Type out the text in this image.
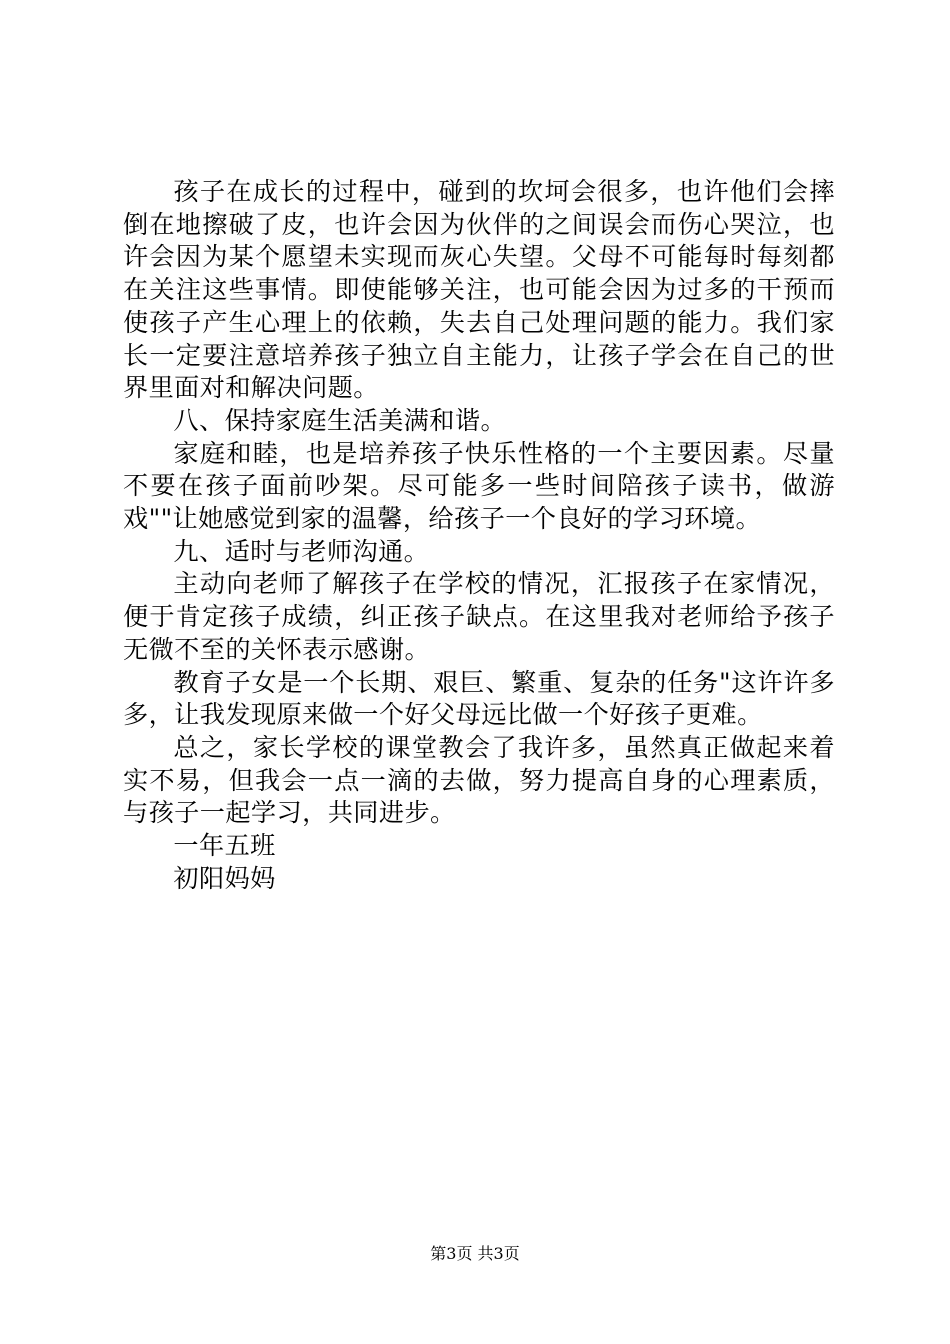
孩子在成长的过程中，碰到的坎坷会很多，也许他们会摔倒在地擦破了皮，也许会因为伙伴的之间误会而伤心哭泣，也许会因为某个愿望未实现而灰心失望。父母不可能每时每刻都在关注这些事情。即使能够关注，也可能会因为过多的干预而使孩子产生心理上的依赖，失去自己处理问题的能力。我们家长一定要注意培养孩子独立自主能力，让孩子学会在自己的世界里面对和解决问题。

八、保持家庭生活美满和谐。

家庭和睦，也是培养孩子快乐性格的一个主要因素。尽量不要在孩子面前吵架。尽可能多一些时间陪孩子读书，做游戏""让她感觉到家的温馨，给孩子一个良好的学习环境。

九、适时与老师沟通。

主动向老师了解孩子在学校的情况，汇报孩子在家情况，便于肯定孩子成绩，纠正孩子缺点。在这里我对老师给予孩子无微不至的关怀表示感谢。

教育子女是一个长期、艰巨、繁重、复杂的任务"这许许多多，让我发现原来做一个好父母远比做一个好孩子更难。

总之，家长学校的课堂教会了我许多，虽然真正做起来着实不易，但我会一点一滴的去做，努力提高自身的心理素质，与孩子一起学习，共同进步。

一年五班

初阳妈妈

第3页 共3页
